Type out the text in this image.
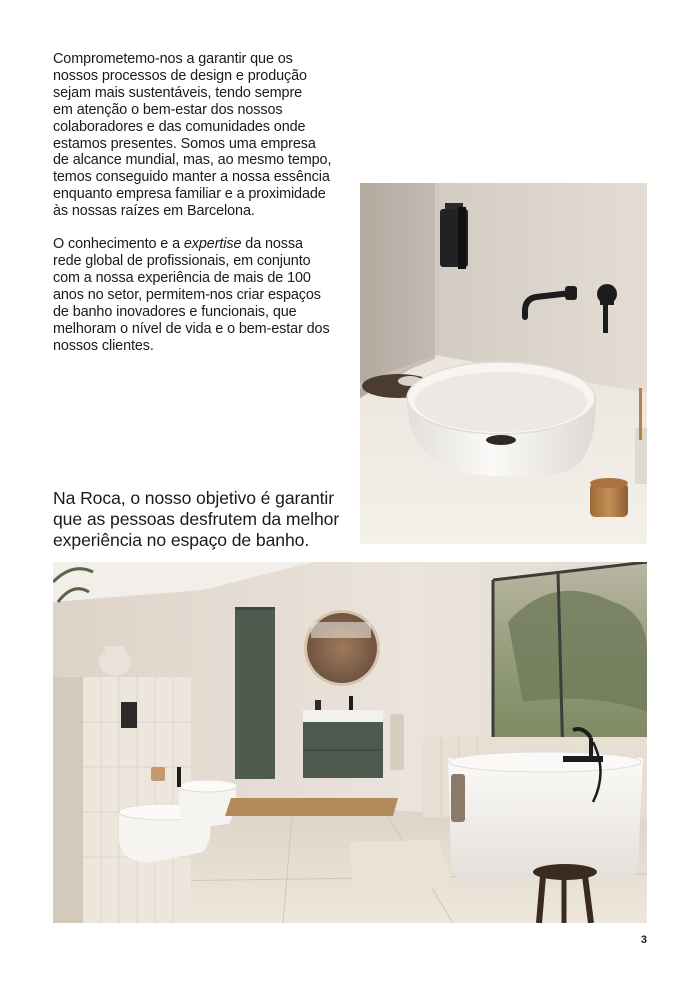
Comprometemo-nos a garantir que os
nossos processos de design e produção
sejam mais sustentáveis, tendo sempre
em atenção o bem-estar dos nossos
colaboradores e das comunidades onde
estamos presentes. Somos uma empresa
de alcance mundial, mas, ao mesmo tempo,
temos conseguido manter a nossa essência
enquanto empresa familiar e a proximidade
às nossas raízes em Barcelona.

O conhecimento e a expertise da nossa
rede global de profissionais, em conjunto
com a nossa experiência de mais de 100
anos no setor, permitem-nos criar espaços
de banho inovadores e funcionais, que
melhoram o nível de vida e o bem-estar dos
nossos clientes.

Na Roca, o nosso objetivo é garantir
que as pessoas desfrutem da melhor
experiência no espaço de banho.

3
